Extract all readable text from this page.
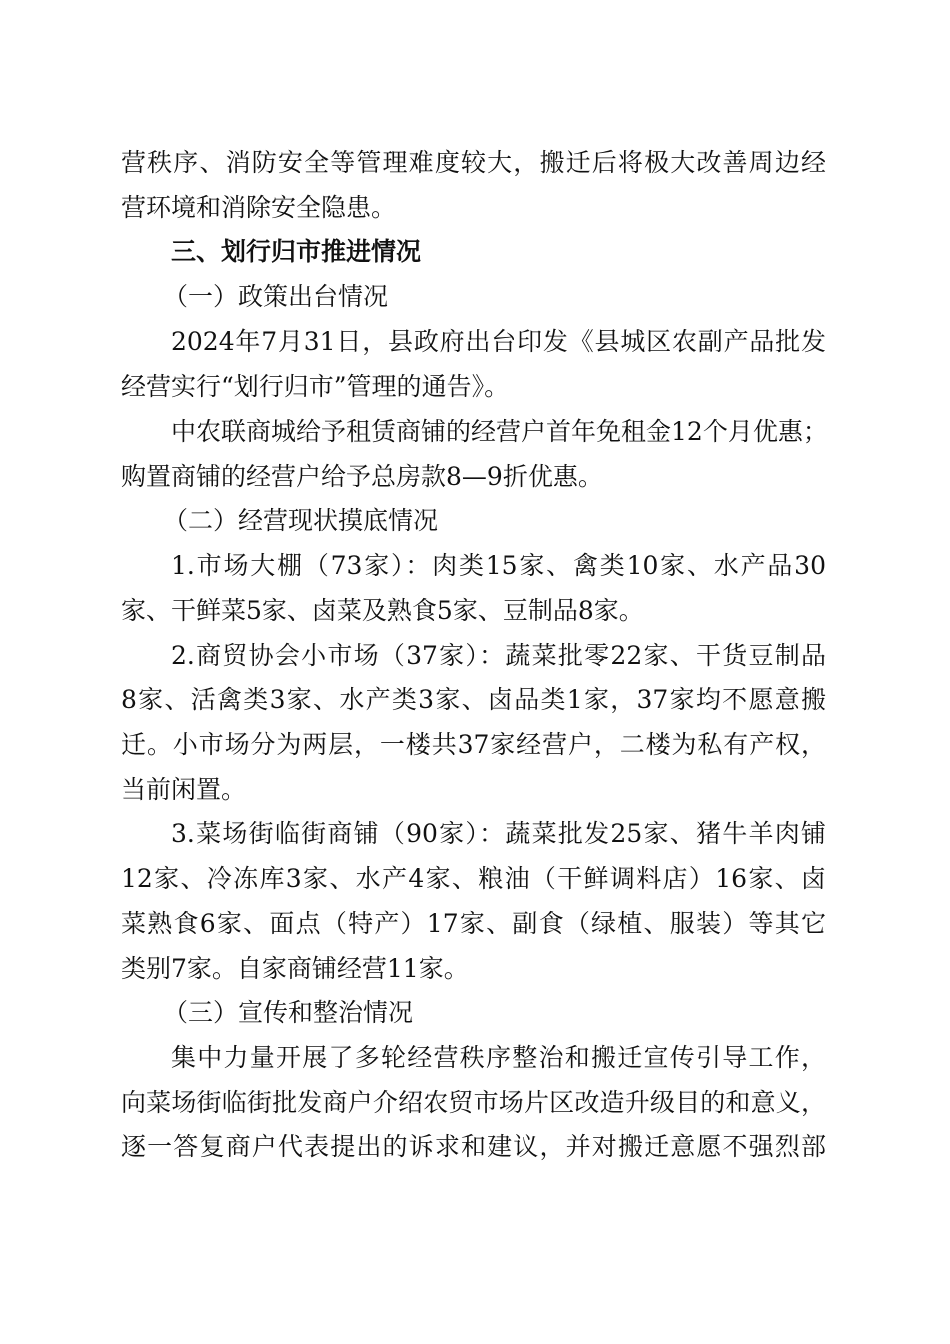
营秩序、消防安全等管理难度较大，搬迁后将极大改善周边经
营环境和消除安全隐患。
三、划行归市推进情况
（一）政策出台情况
2024年7月31日，县政府出台印发《县城区农副产品批发
经营实行“划行归市”管理的通告》。
中农联商城给予租赁商铺的经营户首年免租金12个月优惠；
购置商铺的经营户给予总房款8—9折优惠。
（二）经营现状摸底情况
1.市场大棚（73家）：肉类15家、禽类10家、水产品30
家、干鲜菜5家、卤菜及熟食5家、豆制品8家。
2.商贸协会小市场（37家）：蔬菜批零22家、干货豆制品
8家、活禽类3家、水产类3家、卤品类1家，37家均不愿意搬
迁。小市场分为两层，一楼共37家经营户，二楼为私有产权，
当前闲置。
3.菜场街临街商铺（90家）：蔬菜批发25家、猪牛羊肉铺
12家、冷冻库3家、水产4家、粮油（干鲜调料店）16家、卤
菜熟食6家、面点（特产）17家、副食（绿植、服装）等其它
类别7家。自家商铺经营11家。
（三）宣传和整治情况
集中力量开展了多轮经营秩序整治和搬迁宣传引导工作，
向菜场街临街批发商户介绍农贸市场片区改造升级目的和意义，
逐一答复商户代表提出的诉求和建议，并对搬迁意愿不强烈部
